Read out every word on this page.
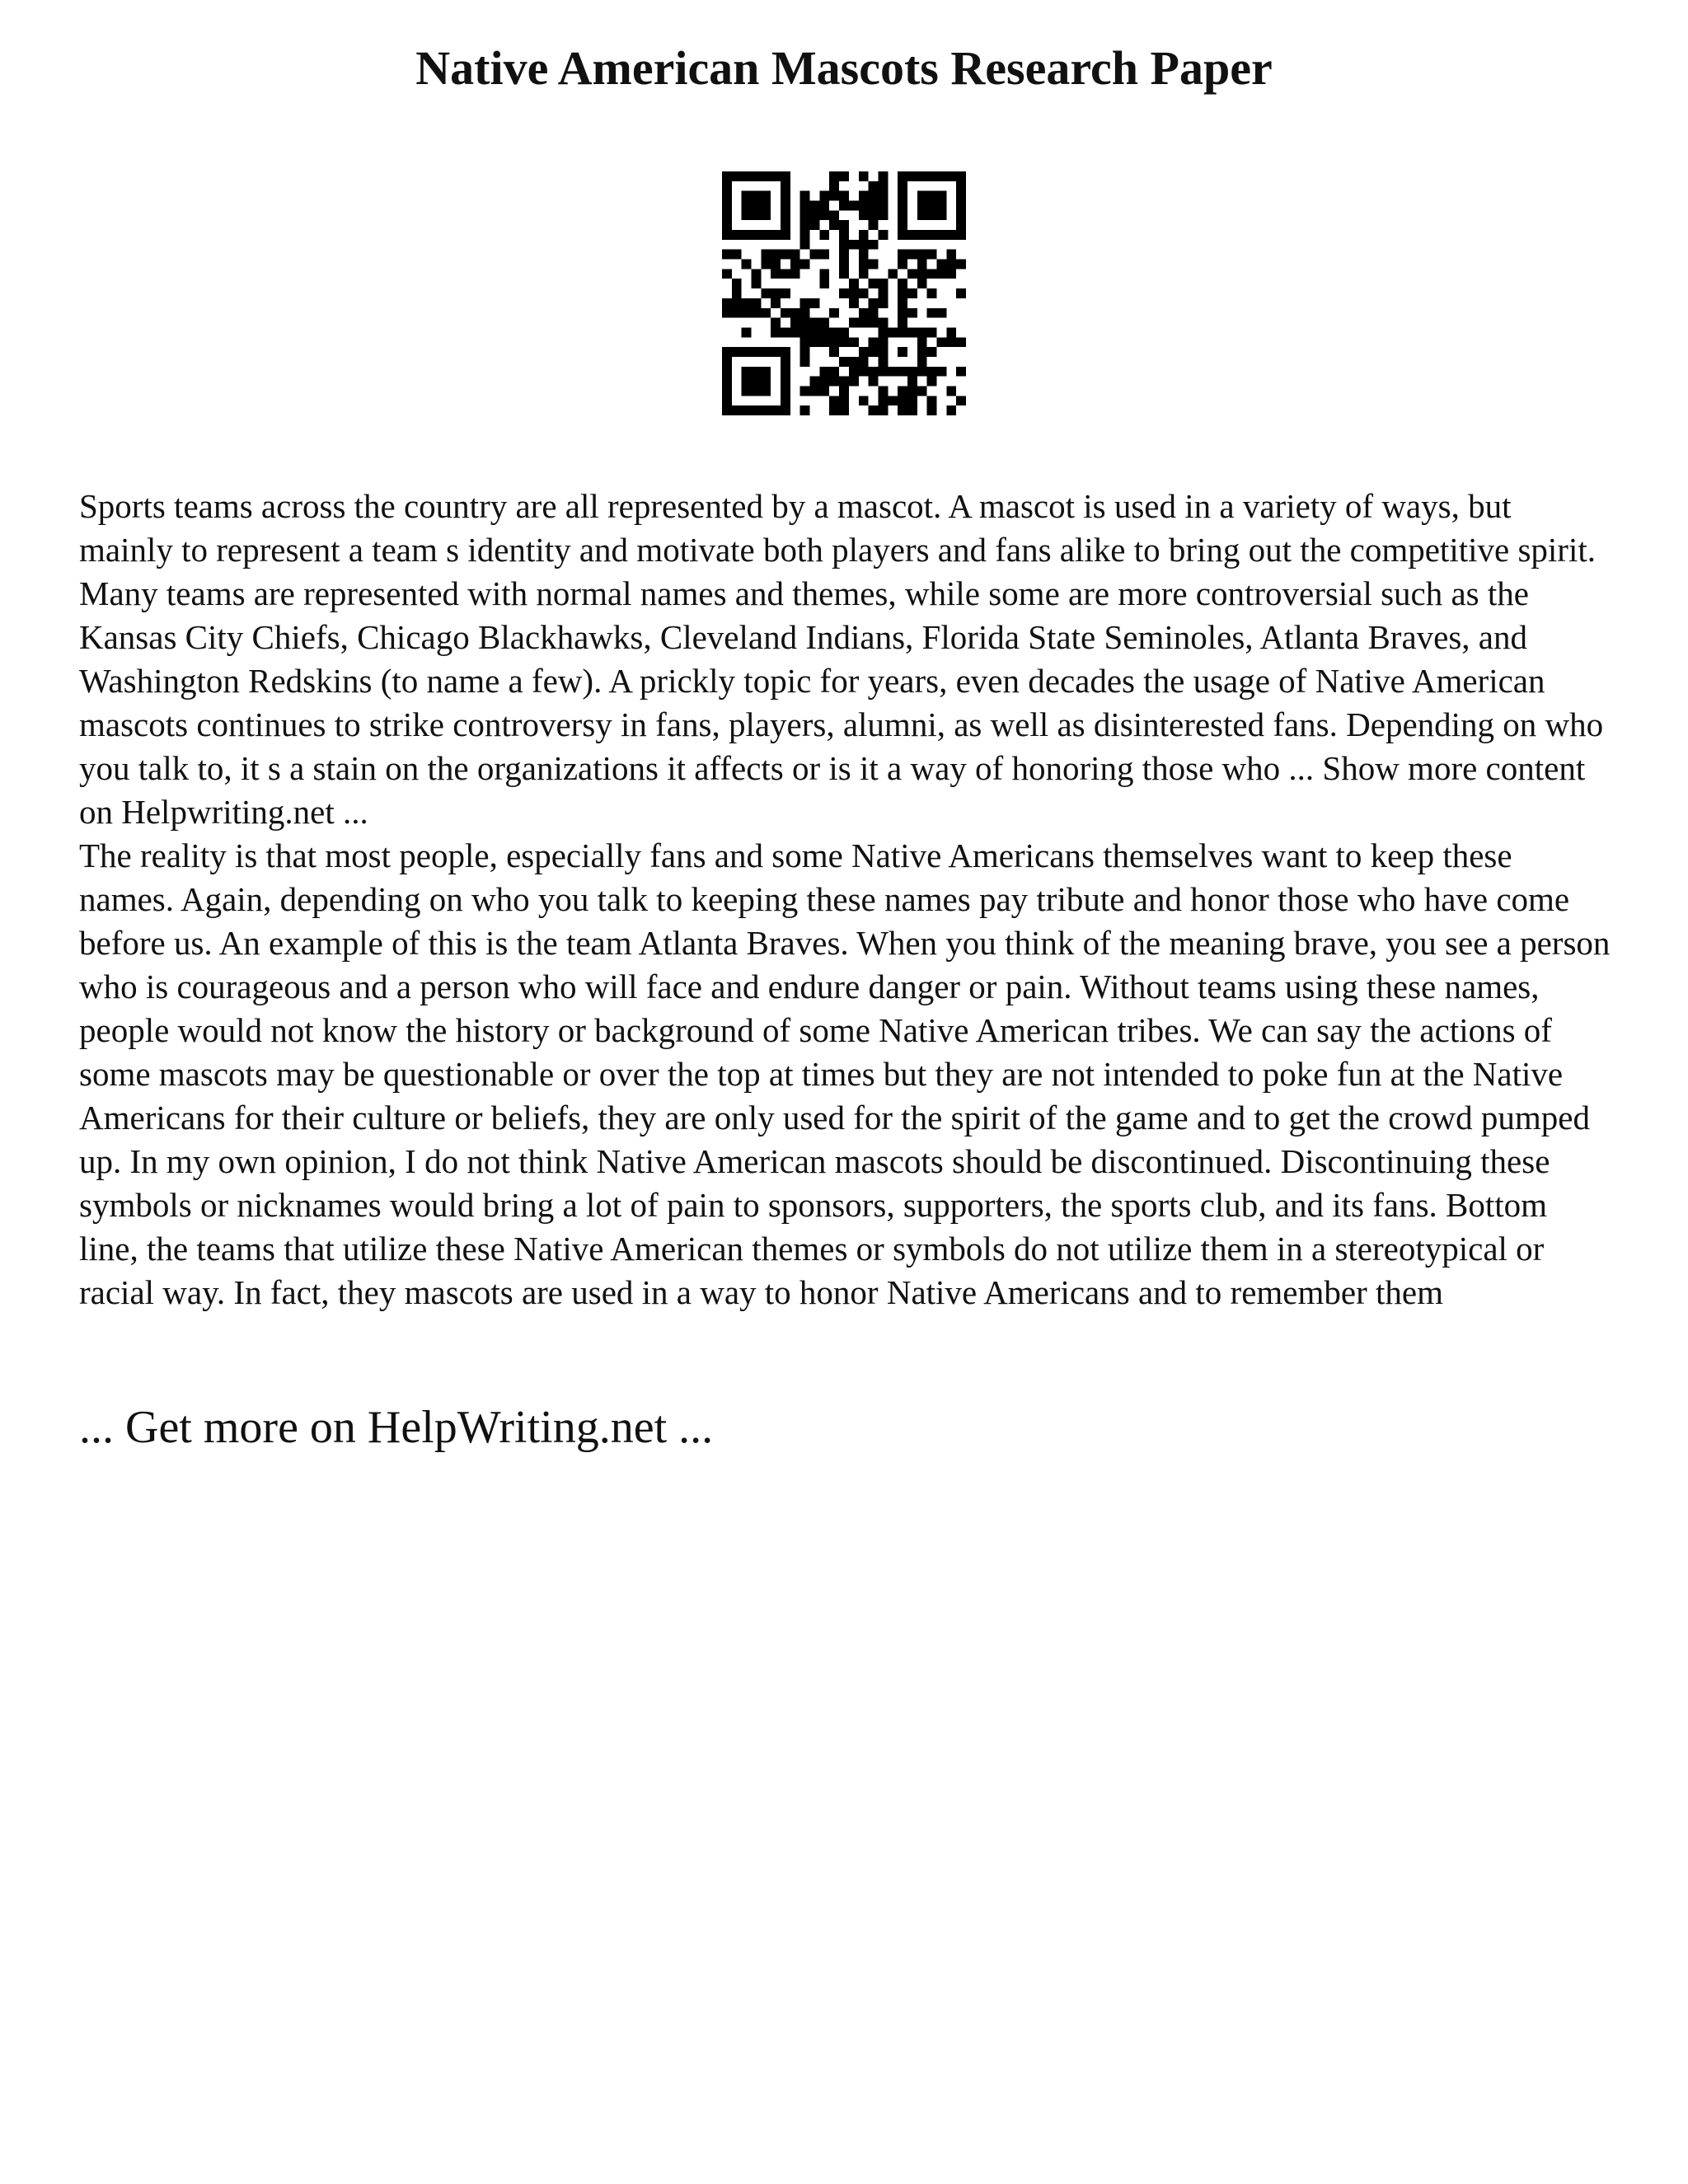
Native American Mascots Research Paper

Sports teams across the country are all represented by a mascot. A mascot is used in a variety of ways, but mainly to represent a team s identity and motivate both players and fans alike to bring out the competitive spirit. Many teams are represented with normal names and themes, while some are more controversial such as the Kansas City Chiefs, Chicago Blackhawks, Cleveland Indians, Florida State Seminoles, Atlanta Braves, and Washington Redskins (to name a few). A prickly topic for years, even decades the usage of Native American mascots continues to strike controversy in fans, players, alumni, as well as disinterested fans. Depending on who you talk to, it s a stain on the organizations it affects or is it a way of honoring those who ... Show more content on Helpwriting.net ...

The reality is that most people, especially fans and some Native Americans themselves want to keep these names. Again, depending on who you talk to keeping these names pay tribute and honor those who have come before us. An example of this is the team Atlanta Braves. When you think of the meaning brave, you see a person who is courageous and a person who will face and endure danger or pain. Without teams using these names, people would not know the history or background of some Native American tribes. We can say the actions of some mascots may be questionable or over the top at times but they are not intended to poke fun at the Native Americans for their culture or beliefs, they are only used for the spirit of the game and to get the crowd pumped up. In my own opinion, I do not think Native American mascots should be discontinued. Discontinuing these symbols or nicknames would bring a lot of pain to sponsors, supporters, the sports club, and its fans. Bottom line, the teams that utilize these Native American themes or symbols do not utilize them in a stereotypical or racial way. In fact, they mascots are used in a way to honor Native Americans and to remember them

... Get more on HelpWriting.net ...
